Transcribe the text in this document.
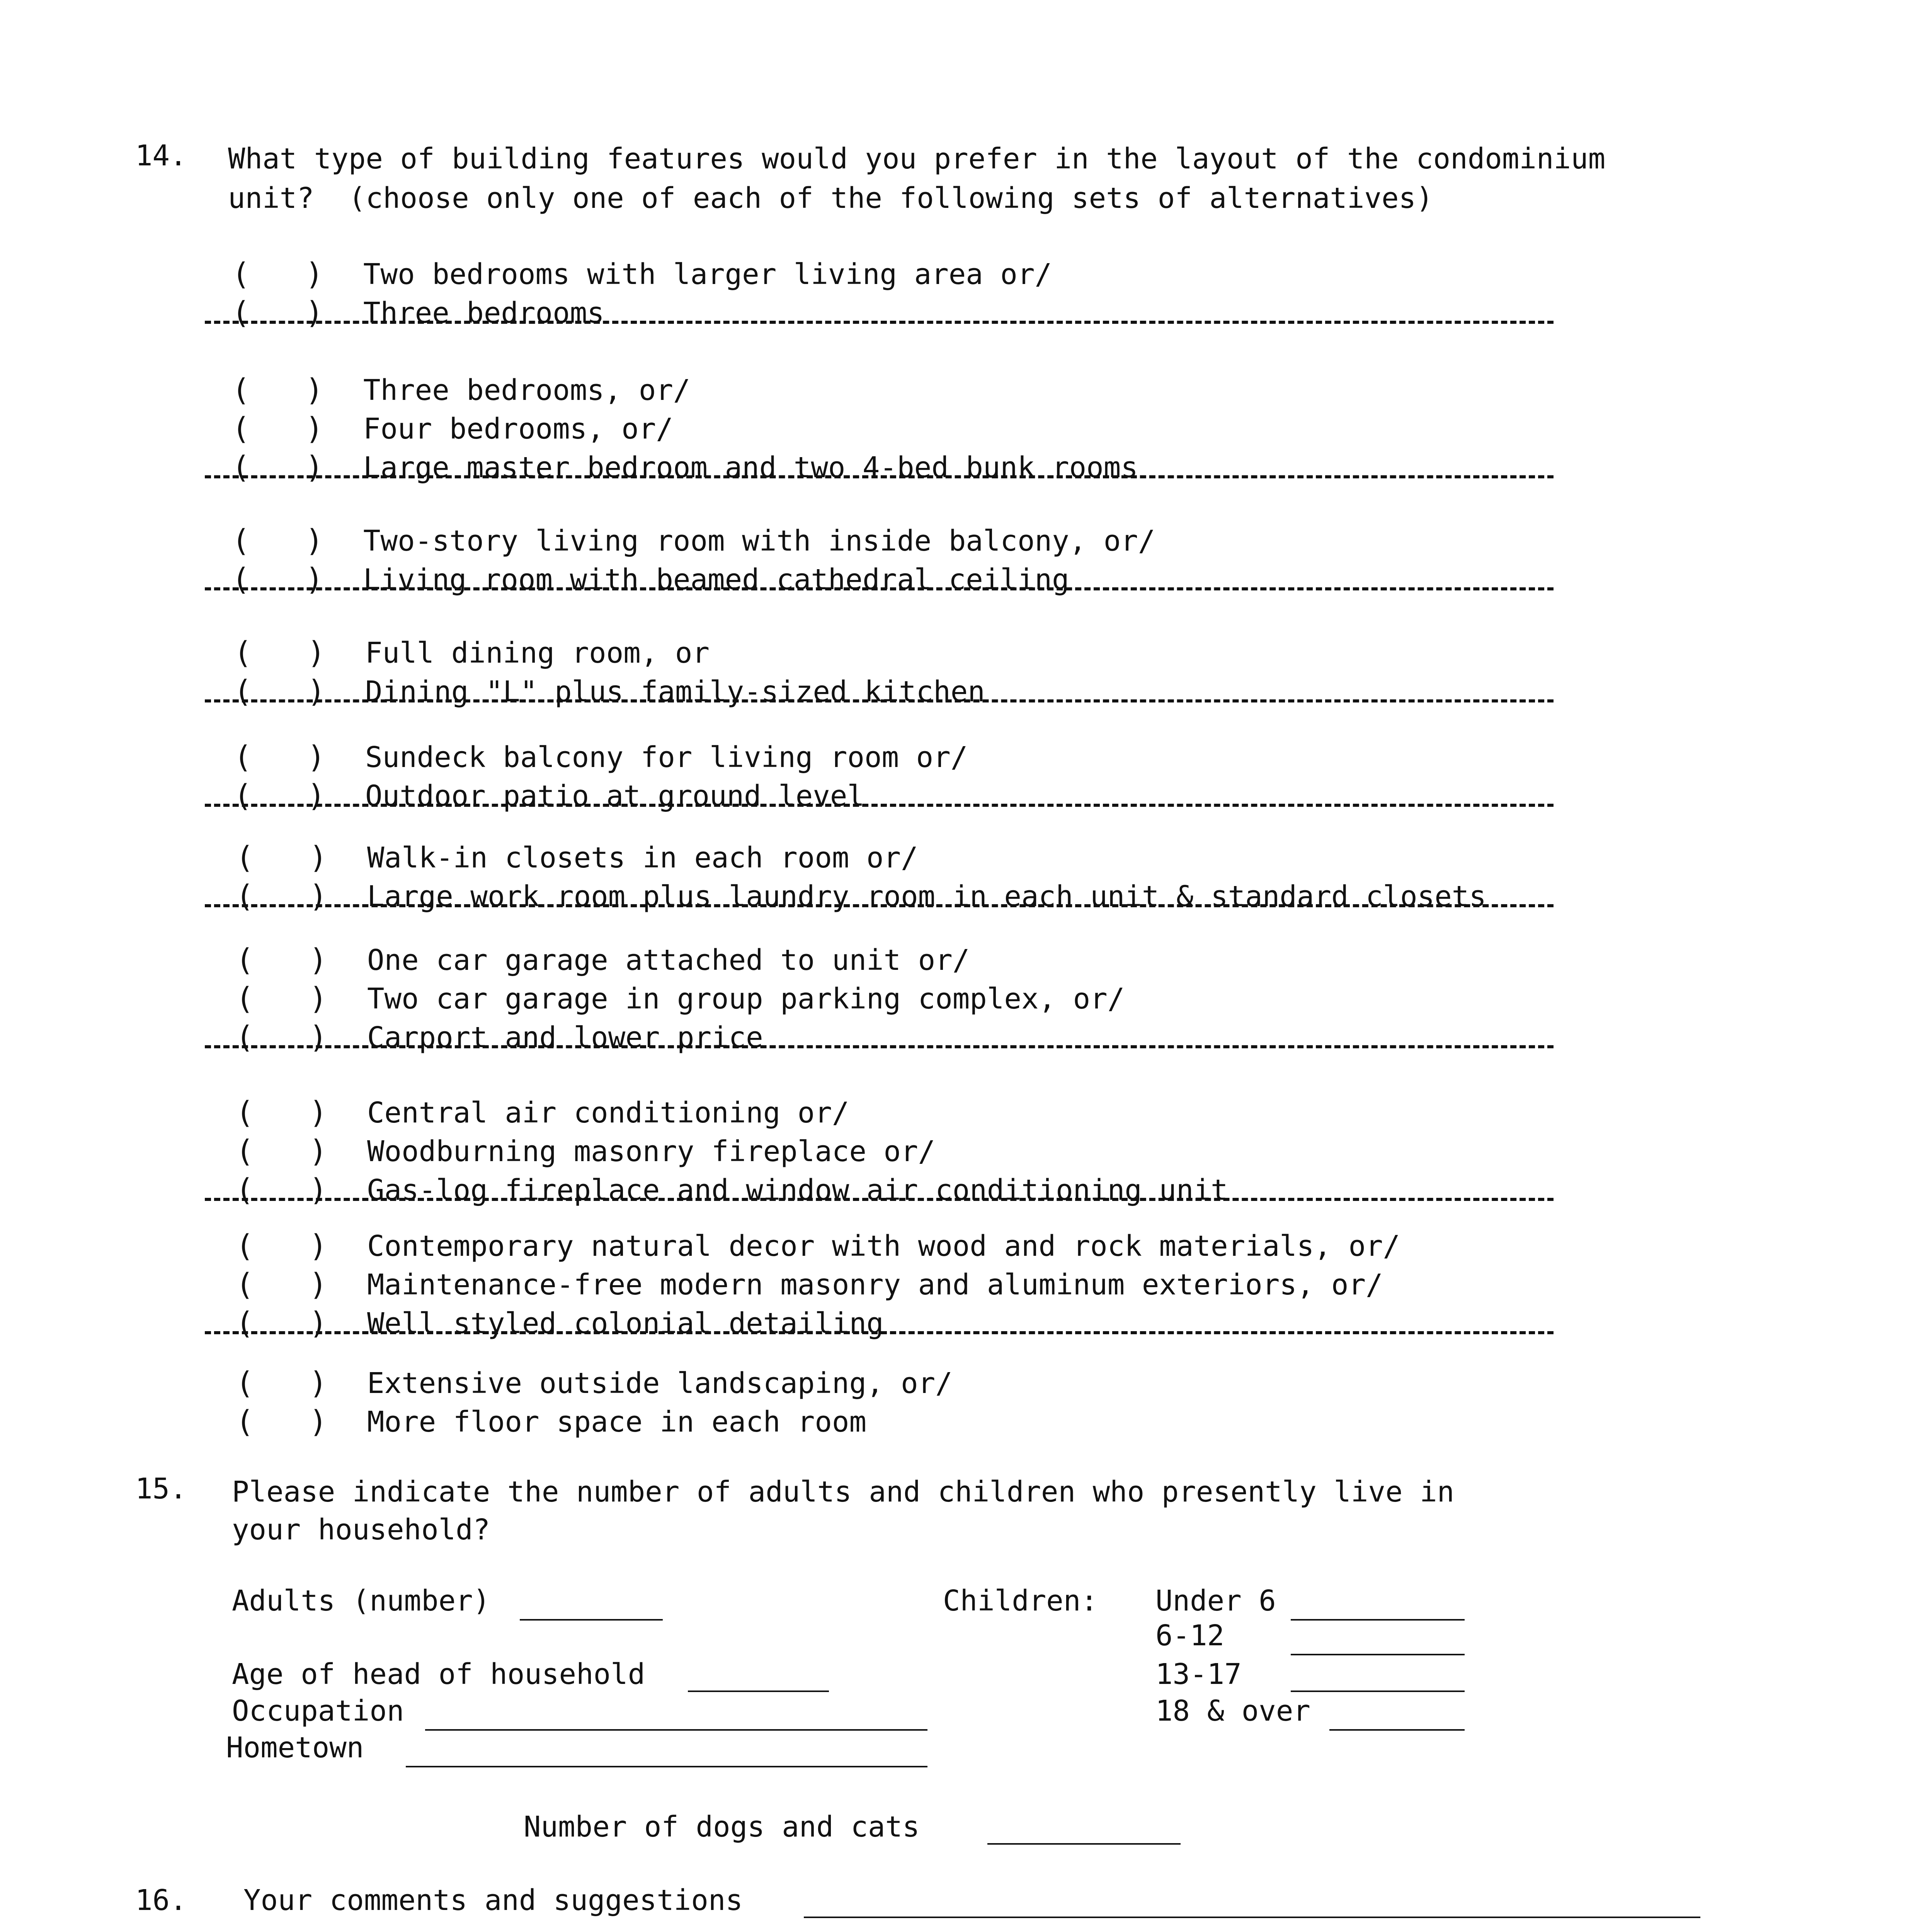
14. What type of building features would you prefer in the layout of the condominium
unit?  (choose only one of each of the following sets of alternatives)
( ) Two bedrooms with larger living area or/
( ) Three bedrooms
( ) Three bedrooms, or/
( ) Four bedrooms, or/
( ) Large master bedroom and two 4-bed bunk rooms
( ) Two-story living room with inside balcony, or/
( ) Living room with beamed cathedral ceiling
( ) Full dining room, or
( ) Dining "L" plus family-sized kitchen
( ) Sundeck balcony for living room or/
( ) Outdoor patio at ground level
( ) Walk-in closets in each room or/
( ) Large work room plus laundry room in each unit & standard closets
( ) One car garage attached to unit or/
( ) Two car garage in group parking complex, or/
( ) Carport and lower price
( ) Central air conditioning or/
( ) Woodburning masonry fireplace or/
( ) Gas-log fireplace and window air conditioning unit
( ) Contemporary natural decor with wood and rock materials, or/
( ) Maintenance-free modern masonry and aluminum exteriors, or/
( ) Well styled colonial detailing
( ) Extensive outside landscaping, or/
( ) More floor space in each room
15. Please indicate the number of adults and children who presently live in
your household?
Adults (number)	Children: Under 6
6-12
13-17
18 & over
Age of head of household
Occupation
Hometown
Number of dogs and cats
16. Your comments and suggestions
